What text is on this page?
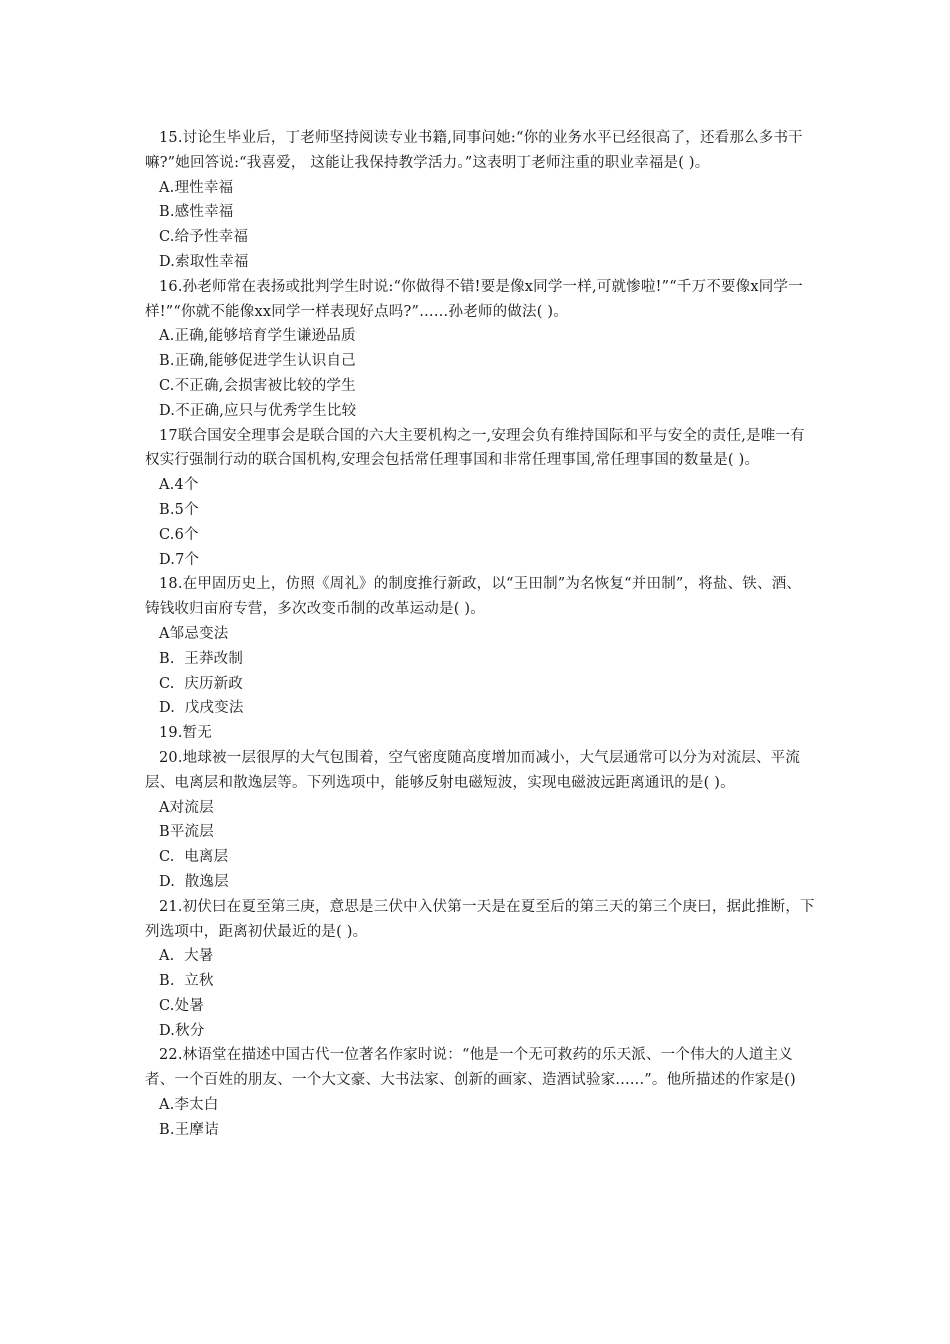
15.讨论生毕业后，丁老师坚持阅读专业书籍,同事问她:“你的业务水平已经很高了，还看那么多书干嘛?”她回答说:“我喜爱， 这能让我保持教学活力。”这表明丁老师注重的职业幸福是( )。

A.理性幸福

B.感性幸福

C.给予性幸福

D.索取性幸福

16.孙老师常在表扬或批判学生时说:“你做得不错!要是像x同学一样,可就惨啦!”“千万不要像x同学一样!”“你就不能像xx同学一样表现好点吗?”……孙老师的做法( )。

A.正确,能够培育学生谦逊品质

B.正确,能够促进学生认识自己

C.不正确,会损害被比较的学生

D.不正确,应只与优秀学生比较

17联合国安全理事会是联合国的六大主要机构之一,安理会负有维持国际和平与安全的责任,是唯一有权实行强制行动的联合国机构,安理会包括常任理事国和非常任理事国,常任理事国的数量是( )。

A.4个

B.5个

C.6个

D.7个

18.在甲固历史上，仿照《周礼》的制度推行新政，以“王田制”为名恢复“并田制”，将盐、铁、酒、铸钱收归亩府专营，多次改变币制的改革运动是( )。

A邹忌变法

B.  王莽改制

C.  庆历新政

D.  戊戌变法

19.暂无

20.地球被一层很厚的大气包围着，空气密度随高度增加而减小，大气层通常可以分为对流层、平流层、电离层和散逸层等。下列选项中，能够反射电磁短波，实现电磁波远距离通讯的是( )。

A对流层

B平流层

C.  电离层

D.  散逸层

21.初伏曰在夏至第三庚，意思是三伏中入伏第一天是在夏至后的第三天的第三个庚曰，据此推断，下列选项中，距离初伏最近的是( )。

A.  大暑

B.  立秋

C.处暑

D.秋分

22.林语堂在描述中国古代一位著名作家时说：“他是一个无可救药的乐天派、一个伟大的人道主义者、一个百姓的朋友、一个大文豪、大书法家、创新的画家、造酒试验家......”。他所描述的作家是()

A.李太白

B.王摩诘
